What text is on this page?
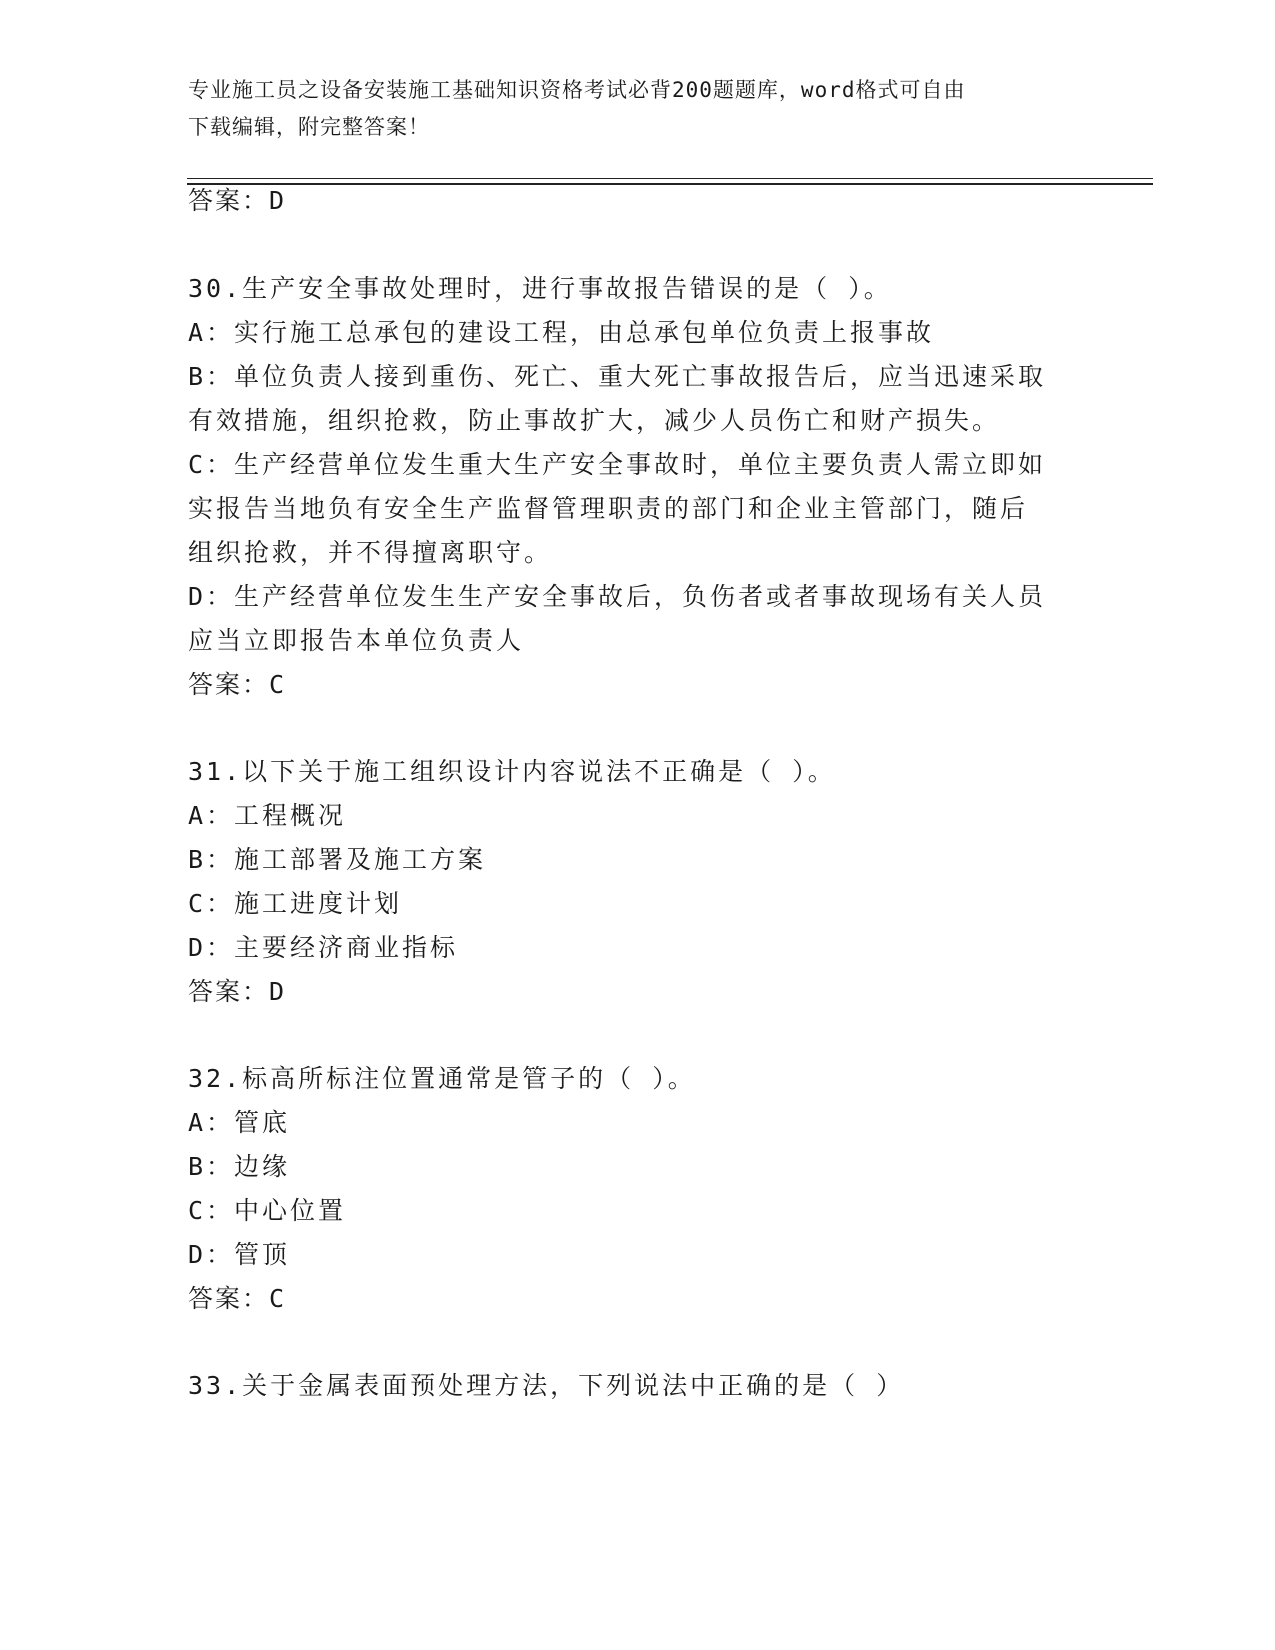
专业施工员之设备安装施工基础知识资格考试必背200题题库，word格式可自由
下载编辑，附完整答案！
答案：D
30.生产安全事故处理时，进行事故报告错误的是（ ）。
A：实行施工总承包的建设工程，由总承包单位负责上报事故
B：单位负责人接到重伤、死亡、重大死亡事故报告后，应当迅速采取
有效措施，组织抢救，防止事故扩大，减少人员伤亡和财产损失。
C：生产经营单位发生重大生产安全事故时，单位主要负责人需立即如
实报告当地负有安全生产监督管理职责的部门和企业主管部门，随后
组织抢救，并不得擅离职守。
D：生产经营单位发生生产安全事故后，负伤者或者事故现场有关人员
应当立即报告本单位负责人
答案：C
31.以下关于施工组织设计内容说法不正确是（ ）。
A：工程概况
B：施工部署及施工方案
C：施工进度计划
D：主要经济商业指标
答案：D
32.标高所标注位置通常是管子的（ ）。
A：管底
B：边缘
C：中心位置
D：管顶
答案：C
33.关于金属表面预处理方法，下列说法中正确的是（ ）
